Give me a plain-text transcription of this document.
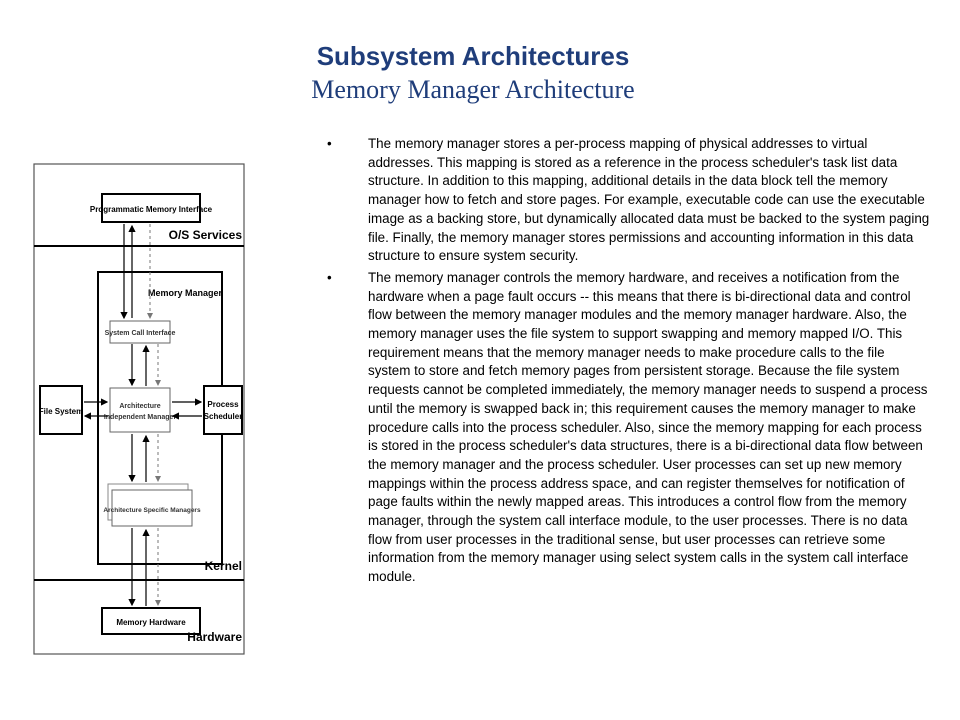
Subsystem Architectures
Memory Manager Architecture
Programmatic Memory Interface
O/S Services
Memory Manager
System Call Interface
Architecture
Independent Manager
File System
Process
Scheduler
Architecture Specific Managers
Kernel
Memory Hardware
Hardware
•	The memory manager stores a per-process mapping of physical addresses to virtual addresses. This mapping is stored as a reference in the process scheduler's task list data structure. In addition to this mapping, additional details in the data block tell the memory manager how to fetch and store pages. For example, executable code can use the executable image as a backing store, but dynamically allocated data must be backed to the system paging file. Finally, the memory manager stores permissions and accounting information in this data structure to ensure system security.
•	The memory manager controls the memory hardware, and receives a notification from the hardware when a page fault occurs -- this means that there is bi-directional data and control flow between the memory manager modules and the memory manager hardware. Also, the memory manager uses the file system to support swapping and memory mapped I/O. This requirement means that the memory manager needs to make procedure calls to the file system to store and fetch memory pages from persistent storage. Because the file system requests cannot be completed immediately, the memory manager needs to suspend a process until the memory is swapped back in; this requirement causes the memory manager to make procedure calls into the process scheduler. Also, since the memory mapping for each process is stored in the process scheduler's data structures, there is a bi-directional data flow between the memory manager and the process scheduler. User processes can set up new memory mappings within the process address space, and can register themselves for notification of page faults within the newly mapped areas. This introduces a control flow from the memory manager, through the system call interface module, to the user processes. There is no data flow from user processes in the traditional sense, but user processes can retrieve some information from the memory manager using select system calls in the system call interface module.
